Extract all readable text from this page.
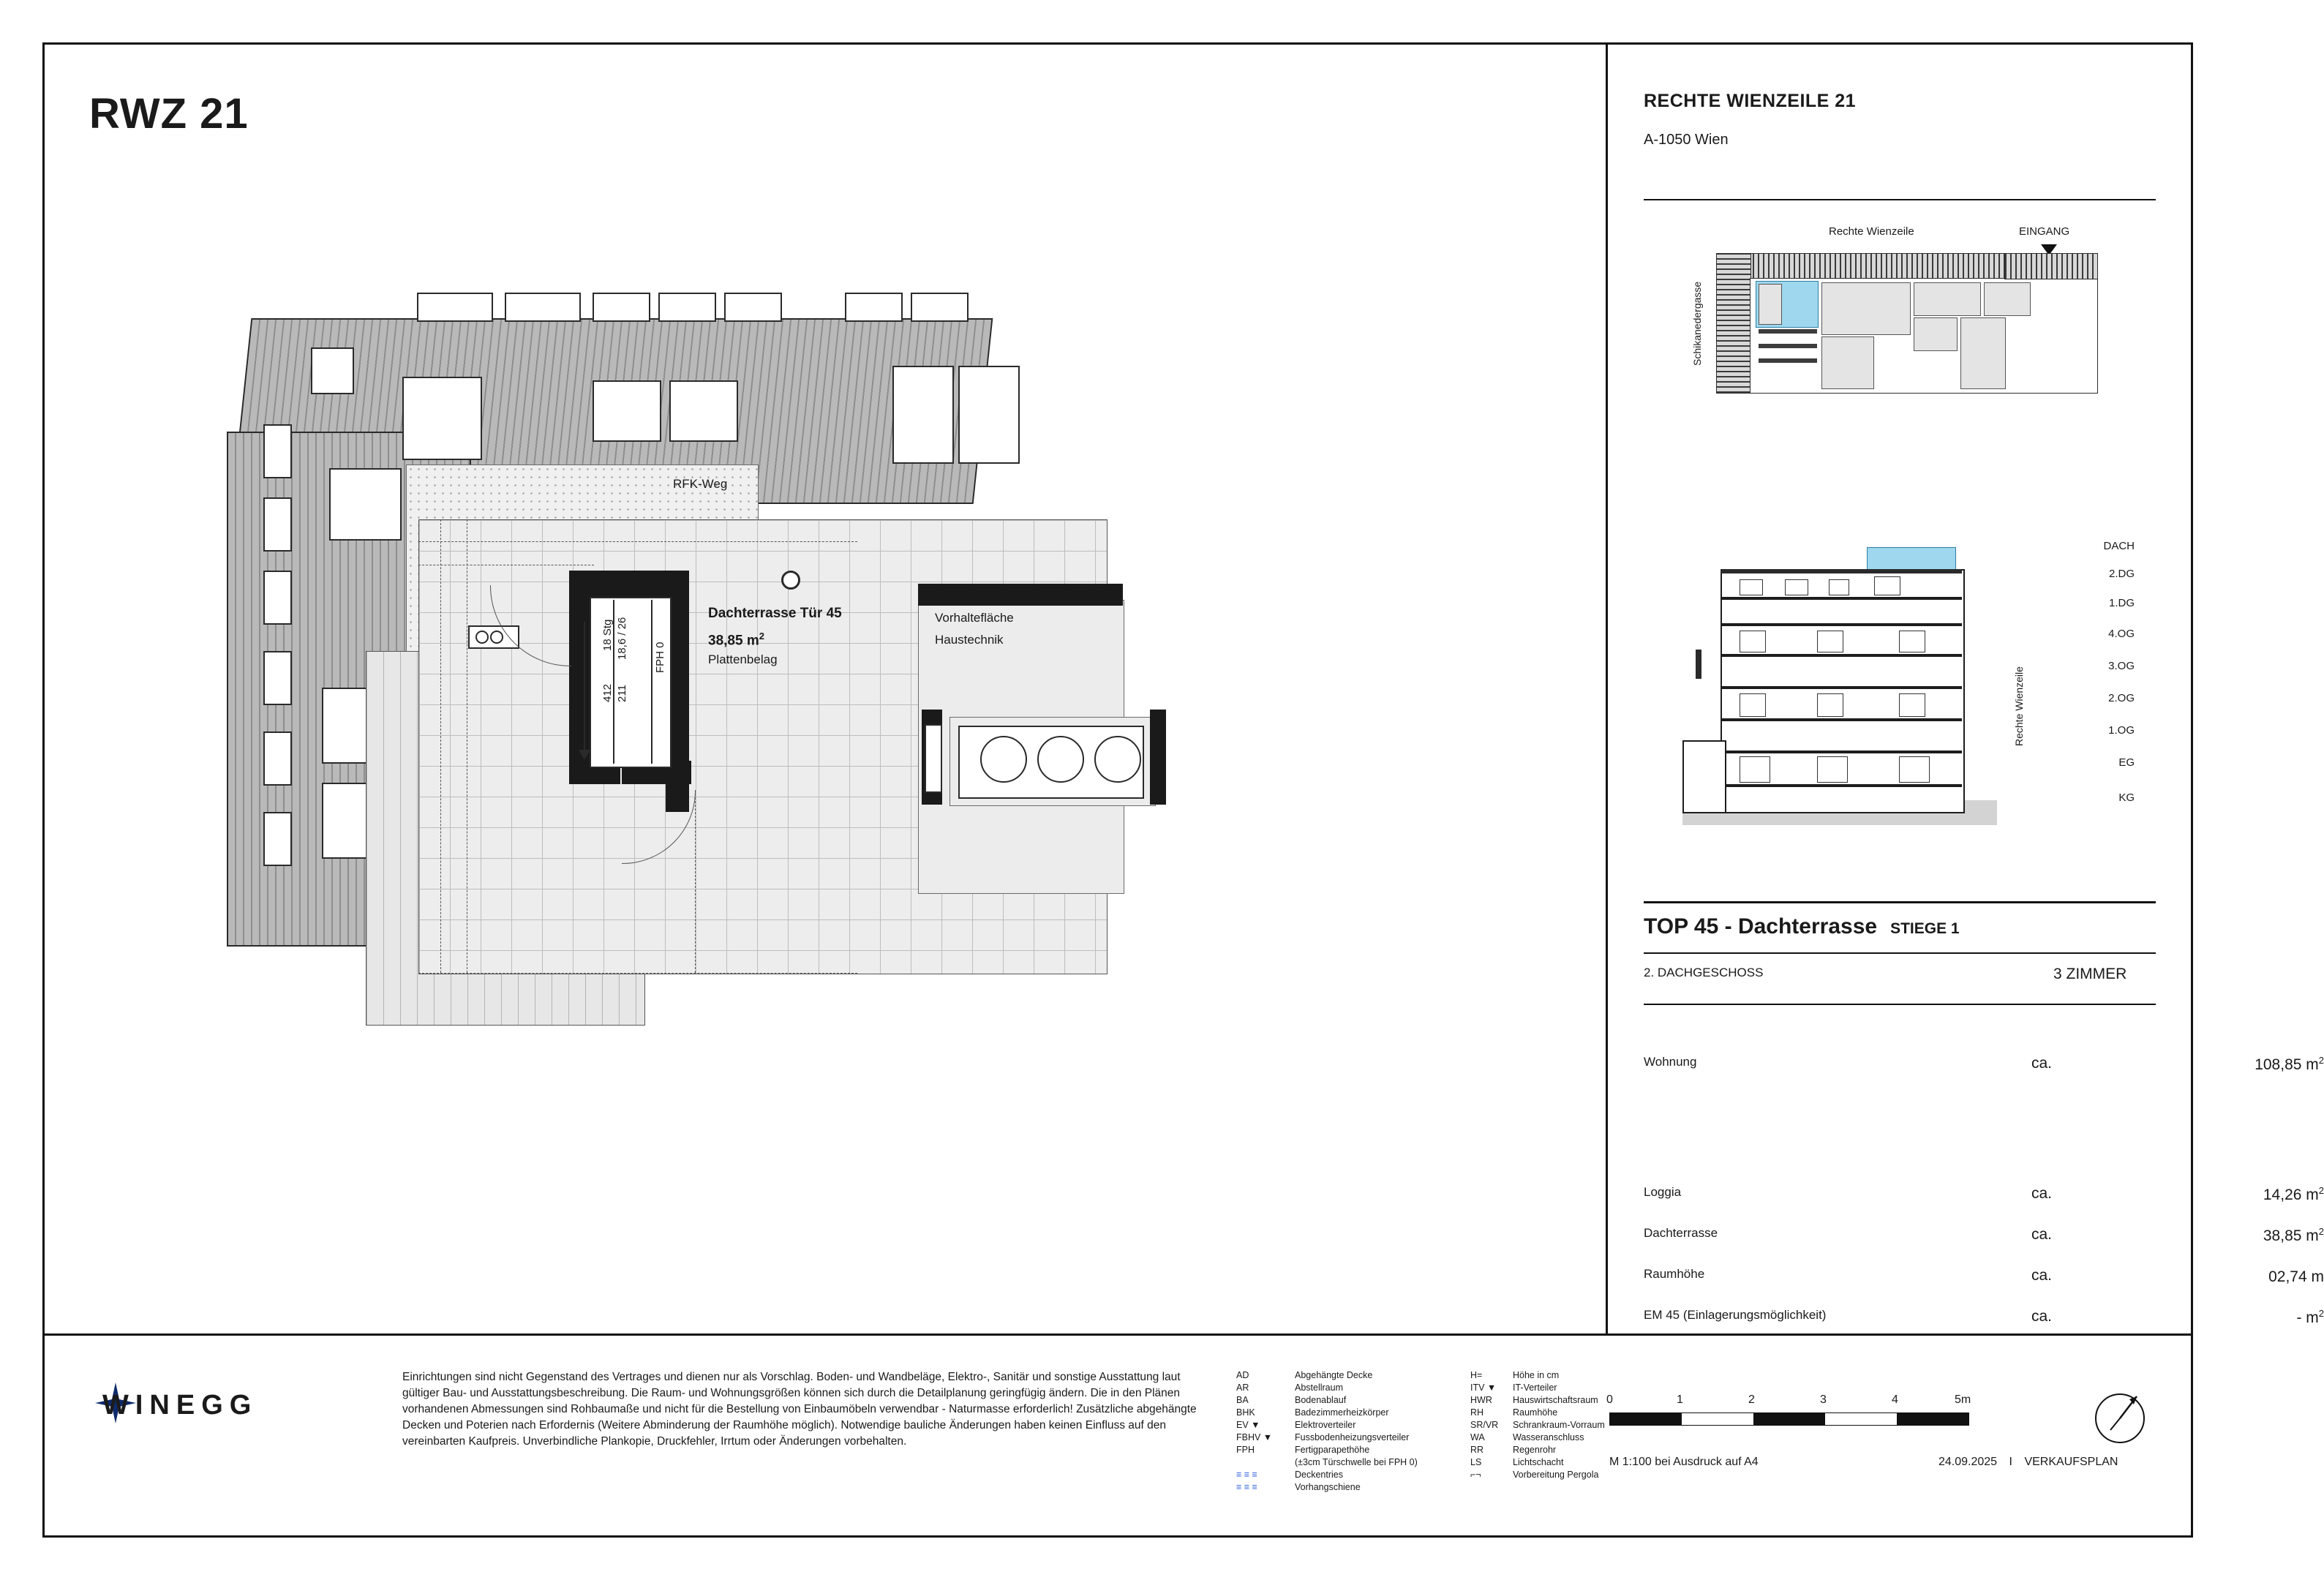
RWZ 21	RECHTE WIENZEILE 21
A-1050 Wien
Rechte Wienzeile	EINGANG
Schikanedergasse
DACH
2.DG
1.DG
4.OG
3.OG
2.OG
1.OG
EG
KG
Rechte Wienzeile
TOP 45 - Dachterrasse STIEGE 1
2. DACHGESCHOSS	3 ZIMMER
Wohnung	ca.	108,85 $m^2$
Loggia	ca.	14,26 $m^2$
Dachterrasse	ca.	38,85 $m^2$
Raumhöhe	ca.	02,74 m
EM 45 (Einlagerungsmöglichkeit)	ca.	- $m^2$
RFK-Weg
Vorhaltefläche
Haustechnik
Dachterrasse Tür 45
38,85 $m^2$
Plattenbelag
18 Stg 18,6 / 26
412 211
FPH 0
WINEGG
Einrichtungen sind nicht Gegenstand des Vertrages und dienen nur als Vorschlag. Boden- und Wandbeläge, Elektro-, Sanitär und sonstige Ausstattung laut gültiger Bau- und Ausstattungsbeschreibung. Die Raum- und Wohnungsgrößen können sich durch die Detailplanung geringfügig ändern. Die in den Plänen vorhandenen Abmessungen sind Rohbaumaße und nicht für die Bestellung von Einbaumöbeln verwendbar - Naturmasse erforderlich! Zusätzliche abgehängte Decken und Poterien nach Erfordernis (Weitere Abminderung der Raumhöhe möglich). Notwendige bauliche Änderungen haben keinen Einfluss auf den vereinbarten Kaufpreis. Unverbindliche Plankopie, Druckfehler, Irrtum oder Änderungen vorbehalten.
AD	Abgehängte Decke
AR	Abstellraum
BA	Bodenablauf
BHK	Badezimmerheizkörper
EV ▼	Elektroverteiler
FBHV ▼	Fussbodenheizungsverteiler
FPH	Fertigparapethöhe
(±3cm Türschwelle bei FPH 0)
≡ ≡ ≡	Deckentries
≡ ≡ ≡	Vorhangschiene
H=	Höhe in cm
ITV ▼	IT-Verteiler
HWR	Hauswirtschaftsraum
RH	Raumhöhe
SR/VR	Schrankraum-Vorraum
WA	Wasseranschluss
RR	Regenrohr
LS	Lichtschacht
⌐¬	Vorbereitung Pergola
0	1	2	3	4	5m
M 1:100 bei Ausdruck auf A4	24.09.2025 I VERKAUFSPLAN
